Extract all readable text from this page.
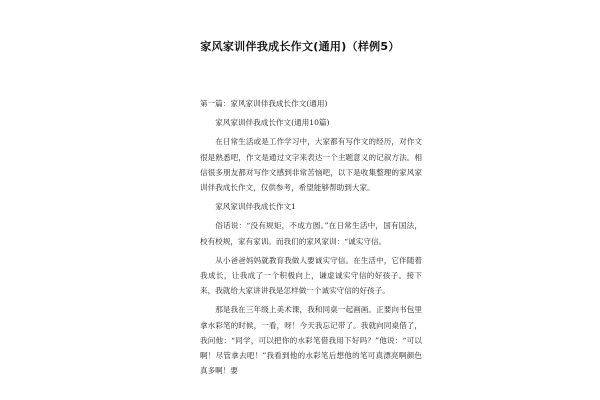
家风家训伴我成长作文(通用)（样例5）

第一篇：家风家训伴我成长作文(通用)

家风家训伴我成长作文(通用10篇)

在日常生活或是工作学习中，大家都有写作文的经历，对作文很是熟悉吧，作文是通过文字来表达一个主题意义的记叙方法。相信很多朋友都对写作文感到非常苦恼吧，以下是收集整理的家风家训伴我成长作文，仅供参考，希望能够帮助到大家。

家风家训伴我成长作文1

俗话说：“没有规矩，不成方圆。”在日常生活中，国有国法，校有校规，家有家训。而我们的家风家训：“诚实守信。

从小爸爸妈妈就教育我做人要诚实守信。在生活中，它伴随着我成长，让我成了一个积极向上，谦虚诚实守信的好孩子。接下来，我就给大家讲讲我是怎样做一个诚实守信的好孩子。

那是我在三年级上美术课，我和同桌一起画画。正要向书包里拿水彩笔的时候，一看，呀！今天我忘记带了。我就向同桌借了，我问他：“同学，可以把你的水彩笔借我用下好吗？”他说：“可以啊！尽管拿去吧！”我看到他的水彩笔后想他的笔可真漂亮啊颜色真多啊！要
